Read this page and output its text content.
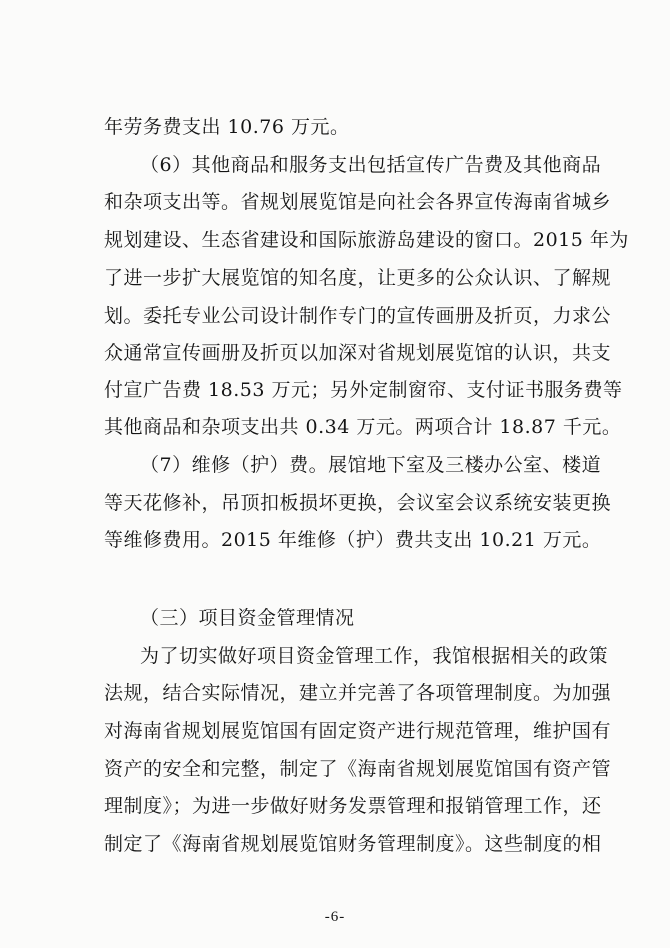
年劳务费支出 10.76 万元。
（6）其他商品和服务支出包括宣传广告费及其他商品
和杂项支出等。省规划展览馆是向社会各界宣传海南省城乡
规划建设、生态省建设和国际旅游岛建设的窗口。2015 年为
了进一步扩大展览馆的知名度，让更多的公众认识、了解规
划。委托专业公司设计制作专门的宣传画册及折页，力求公
众通常宣传画册及折页以加深对省规划展览馆的认识，共支
付宣广告费 18.53 万元；另外定制窗帘、支付证书服务费等
其他商品和杂项支出共 0.34 万元。两项合计 18.87 千元。
（7）维修（护）费。展馆地下室及三楼办公室、楼道
等天花修补，吊顶扣板损坏更换，会议室会议系统安装更换
等维修费用。2015 年维修（护）费共支出 10.21 万元。
（三）项目资金管理情况
为了切实做好项目资金管理工作，我馆根据相关的政策
法规，结合实际情况，建立并完善了各项管理制度。为加强
对海南省规划展览馆国有固定资产进行规范管理，维护国有
资产的安全和完整，制定了《海南省规划展览馆国有资产管
理制度》；为进一步做好财务发票管理和报销管理工作，还
制定了《海南省规划展览馆财务管理制度》。这些制度的相
-6-
